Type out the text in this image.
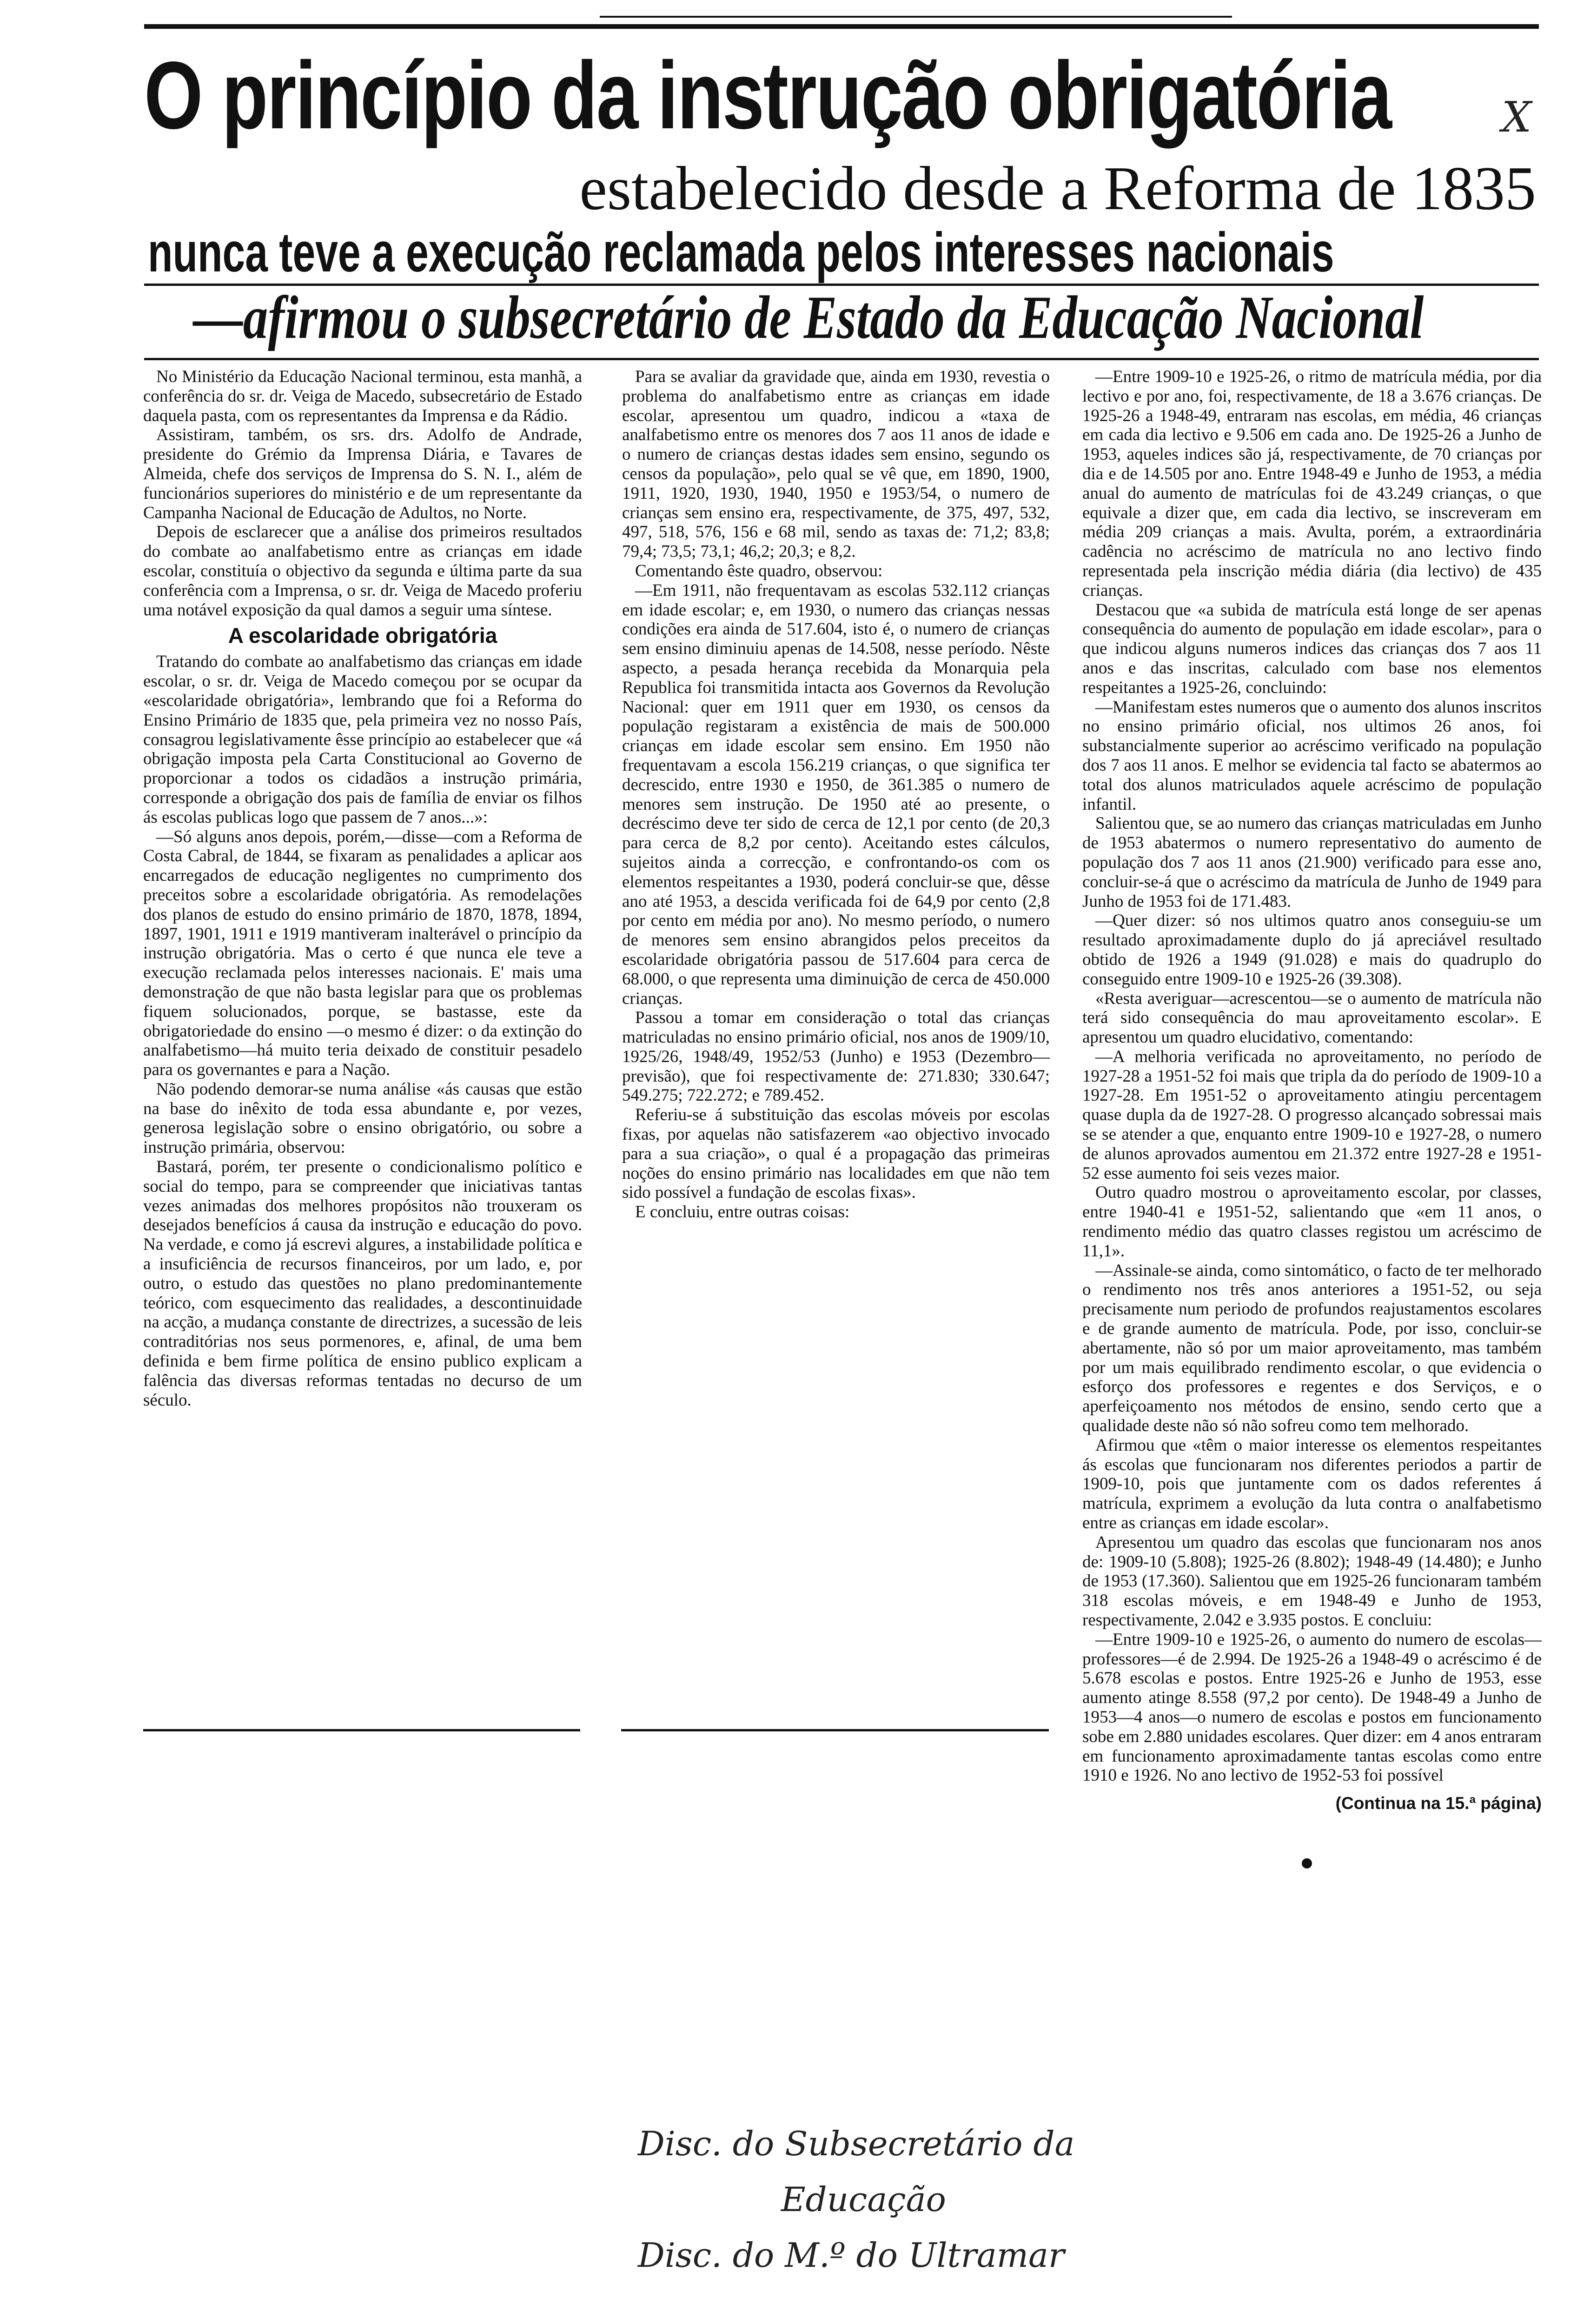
O princípio da instrução obrigatória	X
estabelecido desde a Reforma de 1835
nunca teve a execução reclamada pelos interesses nacionais
—afirmou o subsecretário de Estado da Educação Nacional

No Ministério da Educação Nacional terminou, esta manhã, a conferência do sr. dr. Veiga de Macedo, subsecretário de Estado daquela pasta, com os representantes da Imprensa e da Rádio.

Assistiram, também, os srs. drs. Adolfo de Andrade, presidente do Grémio da Imprensa Diária, e Tavares de Almeida, chefe dos serviços de Imprensa do S. N. I., além de funcionários superiores do ministério e de um representante da Campanha Nacional de Educação de Adultos, no Norte.

Depois de esclarecer que a análise dos primeiros resultados do combate ao analfabetismo entre as crianças em idade escolar, constituía o objectivo da segunda e última parte da sua conferência com a Imprensa, o sr. dr. Veiga de Macedo proferiu uma notável exposição da qual damos a seguir uma síntese.

A escolaridade obrigatória

Tratando do combate ao analfabetismo das crianças em idade escolar, o sr. dr. Veiga de Macedo começou por se ocupar da «escolaridade obrigatória», lembrando que foi a Reforma do Ensino Primário de 1835 que, pela primeira vez no nosso País, consagrou legislativamente êsse princípio ao estabelecer que «á obrigação imposta pela Carta Constitucional ao Governo de proporcionar a todos os cidadãos a instrução primária, corresponde a obrigação dos pais de família de enviar os filhos ás escolas publicas logo que passem de 7 anos...»:

—Só alguns anos depois, porém,—disse—com a Reforma de Costa Cabral, de 1844, se fixaram as penalidades a aplicar aos encarregados de educação negligentes no cumprimento dos preceitos sobre a escolaridade obrigatória. As remodelações dos planos de estudo do ensino primário de 1870, 1878, 1894, 1897, 1901, 1911 e 1919 mantiveram inalterável o princípio da instrução obrigatória. Mas o certo é que nunca ele teve a execução reclamada pelos interesses nacionais. E' mais uma demonstração de que não basta legislar para que os problemas fiquem solucionados, porque, se bastasse, este da obrigatoriedade do ensino —o mesmo é dizer: o da extinção do analfabetismo—há muito teria deixado de constituir pesadelo para os governantes e para a Nação.

Não podendo demorar-se numa análise «ás causas que estão na base do inêxito de toda essa abundante e, por vezes, generosa legislação sobre o ensino obrigatório, ou sobre a instrução primária, observou:

Bastará, porém, ter presente o condicionalismo político e social do tempo, para se compreender que iniciativas tantas vezes animadas dos melhores propósitos não trouxeram os desejados benefícios á causa da instrução e educação do povo. Na verdade, e como já escrevi algures, a instabilidade política e a insuficiência de recursos financeiros, por um lado, e, por outro, o estudo das questões no plano predominantemente teórico, com esquecimento das realidades, a descontinuidade na acção, a mudança constante de directrizes, a sucessão de leis contraditórias nos seus pormenores, e, afinal, de uma bem definida e bem firme política de ensino publico explicam a falência das diversas reformas tentadas no decurso de um século.

Para se avaliar da gravidade que, ainda em 1930, revestia o problema do analfabetismo entre as crianças em idade escolar, apresentou um quadro, indicou a «taxa de analfabetismo entre os menores dos 7 aos 11 anos de idade e o numero de crianças destas idades sem ensino, segundo os censos da população», pelo qual se vê que, em 1890, 1900, 1911, 1920, 1930, 1940, 1950 e 1953/54, o numero de crianças sem ensino era, respectivamente, de 375, 497, 532, 497, 518, 576, 156 e 68 mil, sendo as taxas de: 71,2; 83,8; 79,4; 73,5; 73,1; 46,2; 20,3; e 8,2.

Comentando êste quadro, observou:

—Em 1911, não frequentavam as escolas 532.112 crianças em idade escolar; e, em 1930, o numero das crianças nessas condições era ainda de 517.604, isto é, o numero de crianças sem ensino diminuiu apenas de 14.508, nesse período. Nêste aspecto, a pesada herança recebida da Monarquia pela Republica foi transmitida intacta aos Governos da Revolução Nacional: quer em 1911 quer em 1930, os censos da população registaram a existência de mais de 500.000 crianças em idade escolar sem ensino. Em 1950 não frequentavam a escola 156.219 crianças, o que significa ter decrescido, entre 1930 e 1950, de 361.385 o numero de menores sem instrução. De 1950 até ao presente, o decréscimo deve ter sido de cerca de 12,1 por cento (de 20,3 para cerca de 8,2 por cento). Aceitando estes cálculos, sujeitos ainda a correcção, e confrontando-os com os elementos respeitantes a 1930, poderá concluir-se que, dêsse ano até 1953, a descida verificada foi de 64,9 por cento (2,8 por cento em média por ano). No mesmo período, o numero de menores sem ensino abrangidos pelos preceitos da escolaridade obrigatória passou de 517.604 para cerca de 68.000, o que representa uma diminuição de cerca de 450.000 crianças.

Passou a tomar em consideração o total das crianças matriculadas no ensino primário oficial, nos anos de 1909/10, 1925/26, 1948/49, 1952/53 (Junho) e 1953 (Dezembro—previsão), que foi respectivamente de: 271.830; 330.647; 549.275; 722.272; e 789.452.

Referiu-se á substituição das escolas móveis por escolas fixas, por aquelas não satisfazerem «ao objectivo invocado para a sua criação», o qual é a propagação das primeiras noções do ensino primário nas localidades em que não tem sido possível a fundação de escolas fixas».

E concluiu, entre outras coisas:

—Entre 1909-10 e 1925-26, o ritmo de matrícula média, por dia lectivo e por ano, foi, respectivamente, de 18 a 3.676 crianças. De 1925-26 a 1948-49, entraram nas escolas, em média, 46 crianças em cada dia lectivo e 9.506 em cada ano. De 1925-26 a Junho de 1953, aqueles indices são já, respectivamente, de 70 crianças por dia e de 14.505 por ano. Entre 1948-49 e Junho de 1953, a média anual do aumento de matrículas foi de 43.249 crianças, o que equivale a dizer que, em cada dia lectivo, se inscreveram em média 209 crianças a mais. Avulta, porém, a extraordinária cadência no acréscimo de matrícula no ano lectivo findo representada pela inscrição média diária (dia lectivo) de 435 crianças.

Destacou que «a subida de matrícula está longe de ser apenas consequência do aumento de população em idade escolar», para o que indicou alguns numeros indices das crianças dos 7 aos 11 anos e das inscritas, calculado com base nos elementos respeitantes a 1925-26, concluindo:

—Manifestam estes numeros que o aumento dos alunos inscritos no ensino primário oficial, nos ultimos 26 anos, foi substancialmente superior ao acréscimo verificado na população dos 7 aos 11 anos. E melhor se evidencia tal facto se abatermos ao total dos alunos matriculados aquele acréscimo de população infantil.

Salientou que, se ao numero das crianças matriculadas em Junho de 1953 abatermos o numero representativo do aumento de população dos 7 aos 11 anos (21.900) verificado para esse ano, concluir-se-á que o acréscimo da matrícula de Junho de 1949 para Junho de 1953 foi de 171.483.

—Quer dizer: só nos ultimos quatro anos conseguiu-se um resultado aproximadamente duplo do já apreciável resultado obtido de 1926 a 1949 (91.028) e mais do quadruplo do conseguido entre 1909-10 e 1925-26 (39.308).

«Resta averiguar—acrescentou—se o aumento de matrícula não terá sido consequência do mau aproveitamento escolar». E apresentou um quadro elucidativo, comentando:

—A melhoria verificada no aproveitamento, no período de 1927-28 a 1951-52 foi mais que tripla da do período de 1909-10 a 1927-28. Em 1951-52 o aproveitamento atingiu percentagem quase dupla da de 1927-28. O progresso alcançado sobressai mais se se atender a que, enquanto entre 1909-10 e 1927-28, o numero de alunos aprovados aumentou em 21.372 entre 1927-28 e 1951-52 esse aumento foi seis vezes maior.

Outro quadro mostrou o aproveitamento escolar, por classes, entre 1940-41 e 1951-52, salientando que «em 11 anos, o rendimento médio das quatro classes registou um acréscimo de 11,1».

—Assinale-se ainda, como sintomático, o facto de ter melhorado o rendimento nos três anos anteriores a 1951-52, ou seja precisamente num periodo de profundos reajustamentos escolares e de grande aumento de matrícula. Pode, por isso, concluir-se abertamente, não só por um maior aproveitamento, mas também por um mais equilibrado rendimento escolar, o que evidencia o esforço dos professores e regentes e dos Serviços, e o aperfeiçoamento nos métodos de ensino, sendo certo que a qualidade deste não só não sofreu como tem melhorado.

Afirmou que «têm o maior interesse os elementos respeitantes ás escolas que funcionaram nos diferentes periodos a partir de 1909-10, pois que juntamente com os dados referentes á matrícula, exprimem a evolução da luta contra o analfabetismo entre as crianças em idade escolar».

Apresentou um quadro das escolas que funcionaram nos anos de: 1909-10 (5.808); 1925-26 (8.802); 1948-49 (14.480); e Junho de 1953 (17.360). Salientou que em 1925-26 funcionaram também 318 escolas móveis, e em 1948-49 e Junho de 1953, respectivamente, 2.042 e 3.935 postos. E concluiu:

—Entre 1909-10 e 1925-26, o aumento do numero de escolas—professores—é de 2.994. De 1925-26 a 1948-49 o acréscimo é de 5.678 escolas e postos. Entre 1925-26 e Junho de 1953, esse aumento atinge 8.558 (97,2 por cento). De 1948-49 a Junho de 1953—4 anos—o numero de escolas e postos em funcionamento sobe em 2.880 unidades escolares. Quer dizer: em 4 anos entraram em funcionamento aproximadamente tantas escolas como entre 1910 e 1926. No ano lectivo de 1952-53 foi possível

(Continua na 15.ª página)
Disc. do Subsecretário da
Educação
Disc. do M.º do Ultramar
